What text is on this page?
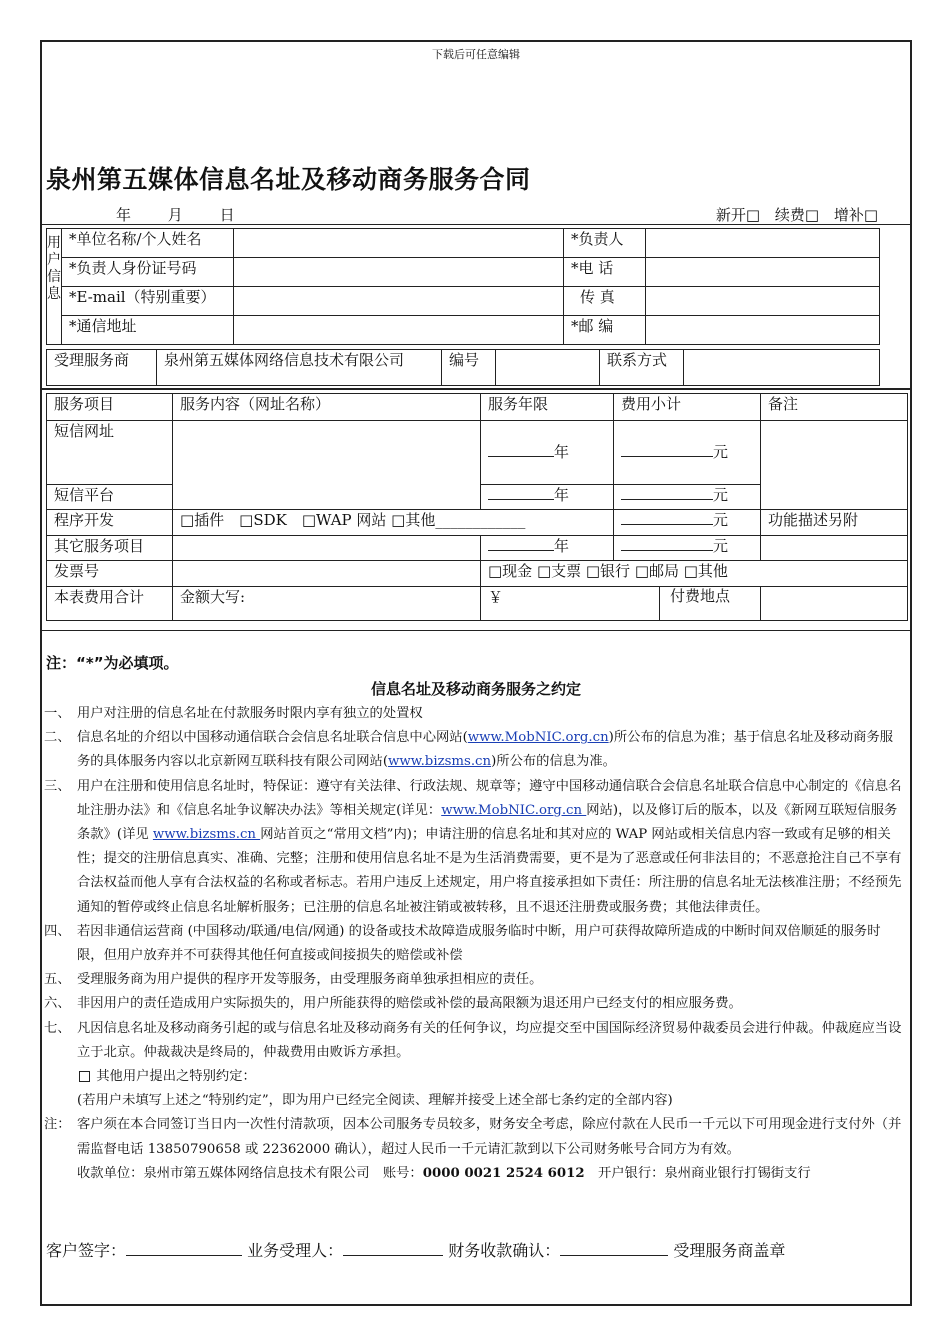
下载后可任意编辑
泉州第五媒体信息名址及移动商务服务合同
年 月 日	新开□ 续费□ 增补□
用
户
信
息	*单位名称/个人姓名		*负责人	
	*负责人身份证号码		*电 话	
	*E-mail（特别重要）		传 真	
	*通信地址		*邮 编	
受理服务商	泉州第五媒体网络信息技术有限公司	编号		联系方式	
服务项目	服务内容（网址名称）	服务年限	费用小计	备注
短信网址		年	元	
短信平台		年	元	
程序开发	□插件　□SDK　□WAP 网站 □其他____________		元	功能描述另附
其它服务项目		年	元	
发票号		□现金 □支票 □银行 □邮局 □其他		
本表费用合计	金额大写:	￥ 付费地点		

注：“*”为必填项。
信息名址及移动商务服务之约定
一、 用户对注册的信息名址在付款服务时限内享有独立的处置权
二、 信息名址的介绍以中国移动通信联合会信息名址联合信息中心网站(www.MobNIC.org.cn)所公布的信息为准；基于信息名址及移动商务服务的具体服务内容以北京新网互联科技有限公司网站(www.bizsms.cn)所公布的信息为准。
三、 用户在注册和使用信息名址时，特保证：遵守有关法律、行政法规、规章等；遵守中国移动通信联合会信息名址联合信息中心制定的《信息名址注册办法》和《信息名址争议解决办法》等相关规定(详见：www.MobNIC.org.cn 网站)，以及修订后的版本，以及《新网互联短信服务条款》(详见 www.bizsms.cn 网站首页之“常用文档”内)；申请注册的信息名址和其对应的 WAP 网站或相关信息内容一致或有足够的相关性；提交的注册信息真实、准确、完整；注册和使用信息名址不是为生活消费需要，更不是为了恶意或任何非法目的；不恶意抢注自己不享有合法权益而他人享有合法权益的名称或者标志。若用户违反上述规定，用户将直接承担如下责任：所注册的信息名址无法核准注册；不经预先通知的暂停或终止信息名址解析服务；已注册的信息名址被注销或被转移，且不退还注册费或服务费；其他法律责任。
四、 若因非通信运营商 (中国移动/联通/电信/网通) 的设备或技术故障造成服务临时中断，用户可获得故障所造成的中断时间双倍顺延的服务时限，但用户放弃并不可获得其他任何直接或间接损失的赔偿或补偿
五、 受理服务商为用户提供的程序开发等服务，由受理服务商单独承担相应的责任。
六、 非因用户的责任造成用户实际损失的，用户所能获得的赔偿或补偿的最高限额为退还用户已经支付的相应服务费。
七、 凡因信息名址及移动商务引起的或与信息名址及移动商务有关的任何争议，均应提交至中国国际经济贸易仲裁委员会进行仲裁。仲裁庭应当设立于北京。仲裁裁决是终局的，仲裁费用由败诉方承担。
其他用户提出之特别约定：
(若用户未填写上述之“特别约定”，即为用户已经完全阅读、理解并接受上述全部七条约定的全部内容)
注： 客户须在本合同签订当日内一次性付清款项，因本公司服务专员较多，财务安全考虑，除应付款在人民币一千元以下可用现金进行支付外（并需监督电话 13850790658 或 22362000 确认），超过人民币一千元请汇款到以下公司财务帐号合同方为有效。
收款单位：泉州市第五媒体网络信息技术有限公司　 账号：0000 0021 2524 6012　 开户银行：泉州商业银行打锡街支行
客户签字：	业务受理人：	财务收款确认：	受理服务商盖章
